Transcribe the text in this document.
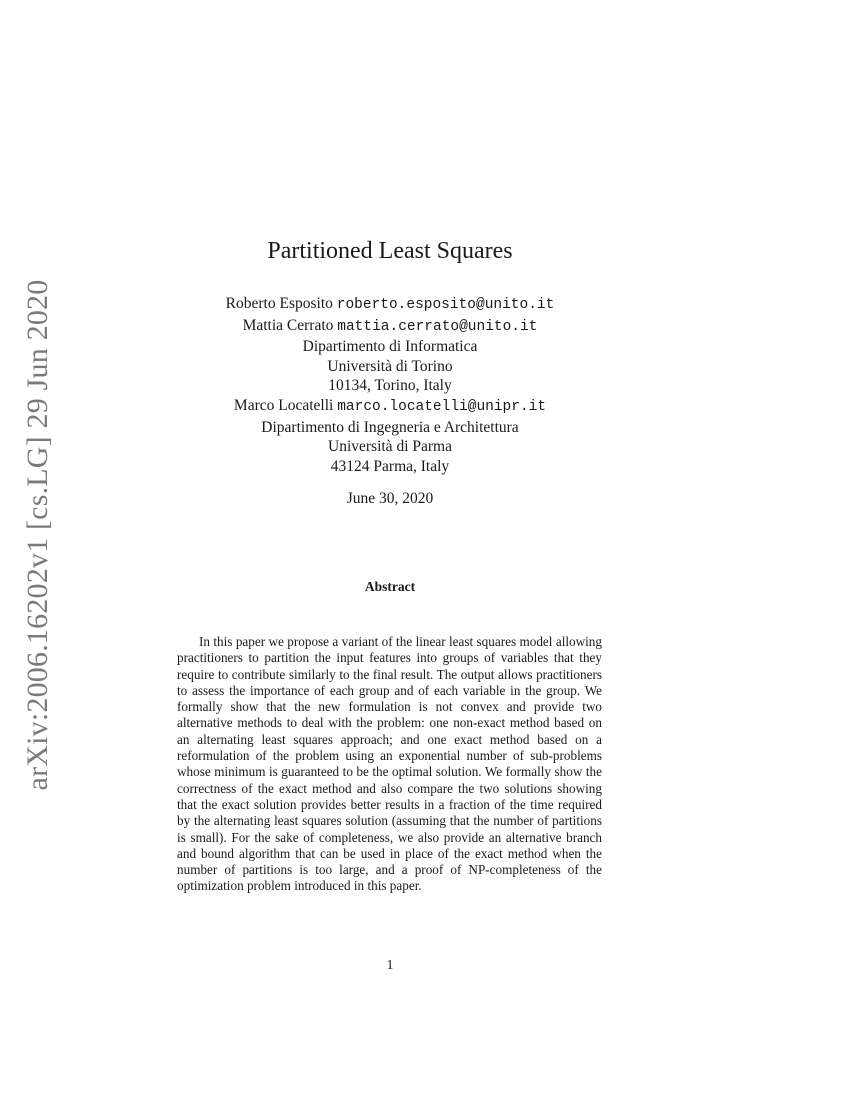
arXiv:2006.16202v1 [cs.LG] 29 Jun 2020
Partitioned Least Squares
Roberto Esposito roberto.esposito@unito.it
Mattia Cerrato mattia.cerrato@unito.it
Dipartimento di Informatica
Università di Torino
10134, Torino, Italy
Marco Locatelli marco.locatelli@unipr.it
Dipartimento di Ingegneria e Architettura
Università di Parma
43124 Parma, Italy
June 30, 2020
Abstract

In this paper we propose a variant of the linear least squares model allowing practitioners to partition the input features into groups of variables that they require to contribute similarly to the final result. The output allows practitioners to assess the importance of each group and of each variable in the group. We formally show that the new formulation is not convex and provide two alternative methods to deal with the problem: one non-exact method based on an alternating least squares approach; and one exact method based on a reformulation of the problem using an exponential number of sub-problems whose minimum is guaranteed to be the optimal solution. We formally show the correctness of the exact method and also compare the two solutions showing that the exact solution provides better results in a fraction of the time required by the alternating least squares solution (assuming that the number of partitions is small). For the sake of completeness, we also provide an alternative branch and bound algorithm that can be used in place of the exact method when the number of partitions is too large, and a proof of NP-completeness of the optimization problem introduced in this paper.

1
